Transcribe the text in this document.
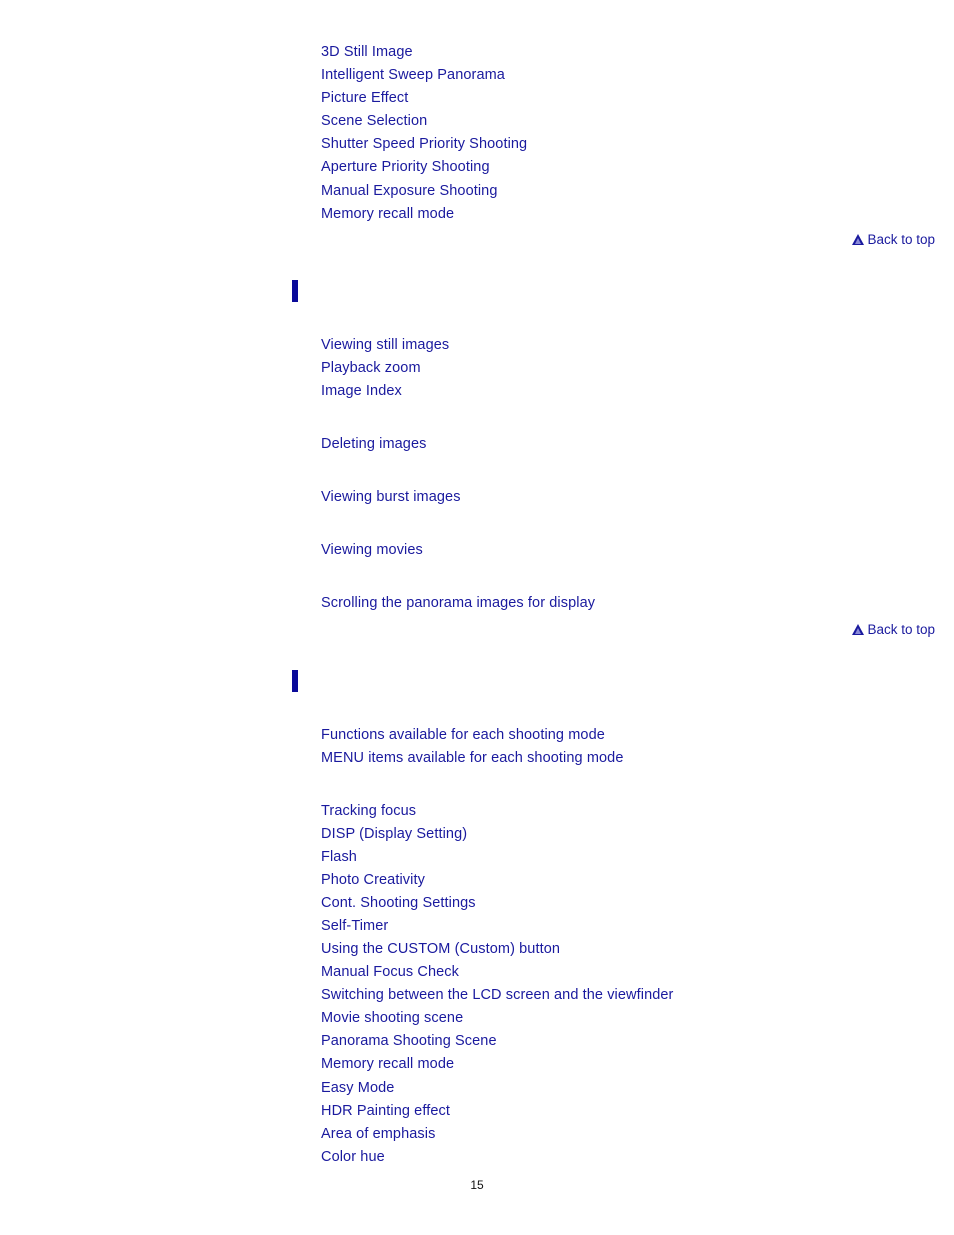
3D Still Image
Intelligent Sweep Panorama
Picture Effect
Scene Selection
Shutter Speed Priority Shooting
Aperture Priority Shooting
Manual Exposure Shooting
Memory recall mode
Back to top
Viewing still images
Playback zoom
Image Index
Deleting images
Viewing burst images
Viewing movies
Scrolling the panorama images for display
Back to top
Functions available for each shooting mode
MENU items available for each shooting mode
Tracking focus
DISP (Display Setting)
Flash
Photo Creativity
Cont. Shooting Settings
Self-Timer
Using the CUSTOM (Custom) button
Manual Focus Check
Switching between the LCD screen and the viewfinder
Movie shooting scene
Panorama Shooting Scene
Memory recall mode
Easy Mode
HDR Painting effect
Area of emphasis
Color hue
15
